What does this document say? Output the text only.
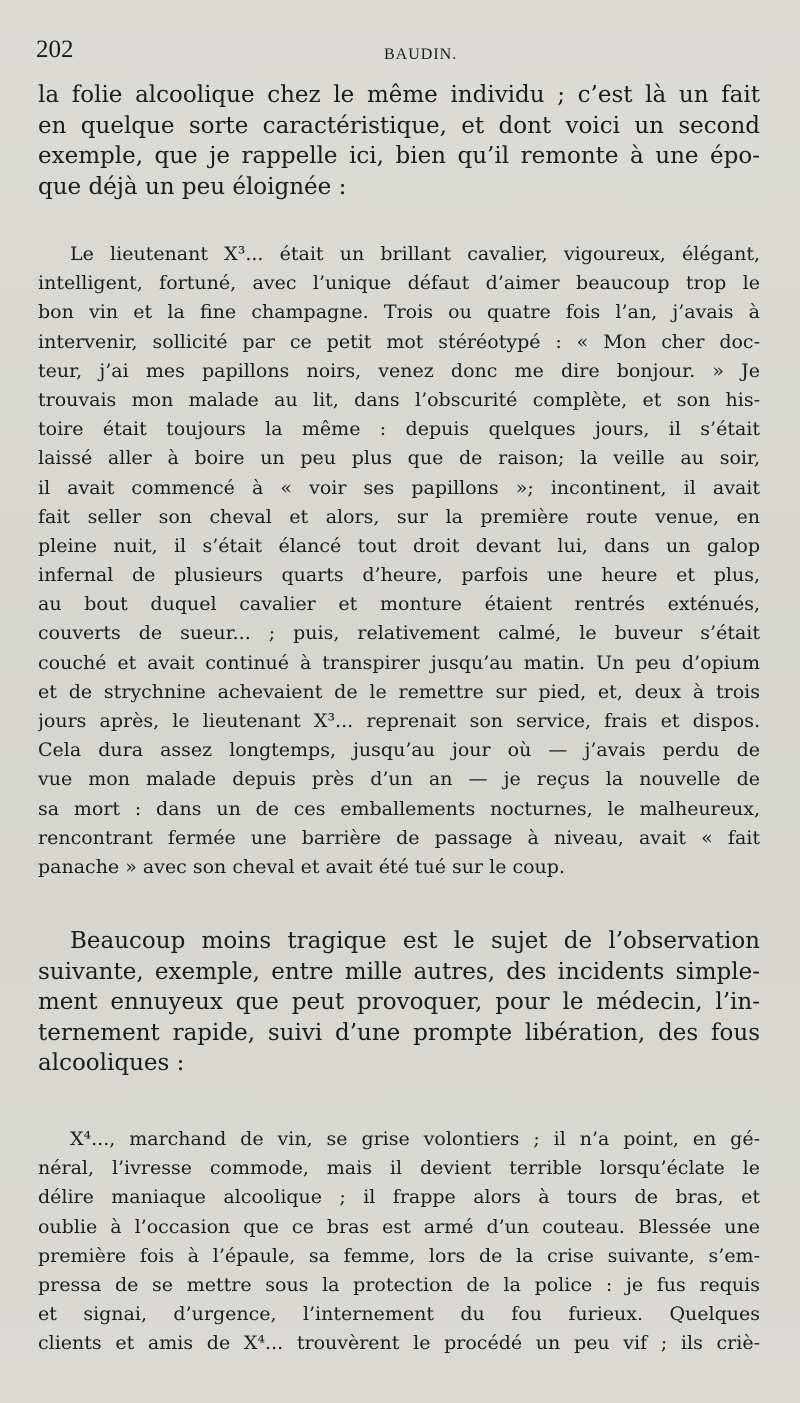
202	BAUDIN.
la folie alcoolique chez le même individu ; c’est là un fait
en quelque sorte caractéristique, et dont voici un second
exemple, que je rappelle ici, bien qu’il remonte à une épo-
que déjà un peu éloignée :
Le lieutenant X³... était un brillant cavalier, vigoureux, élégant,
intelligent, fortuné, avec l’unique défaut d’aimer beaucoup trop le
bon vin et la fine champagne. Trois ou quatre fois l’an, j’avais à
intervenir, sollicité par ce petit mot stéréotypé : « Mon cher doc-
teur, j’ai mes papillons noirs, venez donc me dire bonjour. » Je
trouvais mon malade au lit, dans l’obscurité complète, et son his-
toire était toujours la même : depuis quelques jours, il s’était
laissé aller à boire un peu plus que de raison; la veille au soir,
il avait commencé à « voir ses papillons »; incontinent, il avait
fait seller son cheval et alors, sur la première route venue, en
pleine nuit, il s’était élancé tout droit devant lui, dans un galop
infernal de plusieurs quarts d’heure, parfois une heure et plus,
au bout duquel cavalier et monture étaient rentrés exténués,
couverts de sueur... ; puis, relativement calmé, le buveur s’était
couché et avait continué à transpirer jusqu’au matin. Un peu d’opium
et de strychnine achevaient de le remettre sur pied, et, deux à trois
jours après, le lieutenant X³... reprenait son service, frais et dispos.
Cela dura assez longtemps, jusqu’au jour où — j’avais perdu de
vue mon malade depuis près d’un an — je reçus la nouvelle de
sa mort : dans un de ces emballements nocturnes, le malheureux,
rencontrant fermée une barrière de passage à niveau, avait « fait
panache » avec son cheval et avait été tué sur le coup.
Beaucoup moins tragique est le sujet de l’observation
suivante, exemple, entre mille autres, des incidents simple-
ment ennuyeux que peut provoquer, pour le médecin, l’in-
ternement rapide, suivi d’une prompte libération, des fous
alcooliques :
X⁴..., marchand de vin, se grise volontiers ; il n’a point, en gé-
néral, l’ivresse commode, mais il devient terrible lorsqu’éclate le
délire maniaque alcoolique ; il frappe alors à tours de bras, et
oublie à l’occasion que ce bras est armé d’un couteau. Blessée une
première fois à l’épaule, sa femme, lors de la crise suivante, s’em-
pressa de se mettre sous la protection de la police : je fus requis
et signai, d’urgence, l’internement du fou furieux. Quelques
clients et amis de X⁴... trouvèrent le procédé un peu vif ; ils criè-
